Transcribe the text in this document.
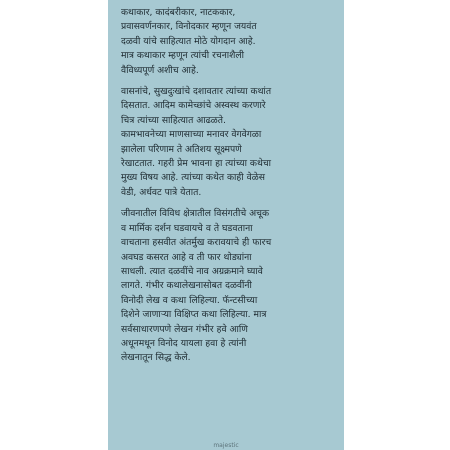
कथाकार, कादंबरीकार, नाटककार,
प्रवासवर्णनकार, विनोदकार म्हणून जयवंत
दळवी यांचे साहित्यात मोठे योगदान आहे.
मात्र कथाकार म्हणून त्यांची रचनाशैली
वैविध्यपूर्ण अशीच आहे.
वासनांचे, सुखदुःखांचे दशावतार त्यांच्या कथांत
दिसतात. आदिम कामेच्छांचे अस्वस्थ करणारे
चित्र त्यांच्या साहित्यात आढळते.
कामभावनेच्या माणसाच्या मनावर वेगवेगळा
झालेला परिणाम ते अतिशय सूक्ष्मपणे
रेखाटतात. गहरी प्रेम भावना हा त्यांच्या कथेचा
मुख्य विषय आहे. त्यांच्या कथेत काही वेळेस
वेडी, अर्धवट पात्रे येतात.
जीवनातील विविध क्षेत्रातील विसंगतीचे अचूक
व मार्मिक दर्शन घडवायचे व ते घडवताना
वाचताना हसवीत अंतर्मुख करावयाचे ही फारच
अवघड कसरत आहे व ती फार थोड्यांना
साधली. त्यात दळवींचे नाव अग्रक्रमाने घ्यावे
लागते. गंभीर कथालेखनासोबत दळवींनी
विनोदी लेख व कथा लिहिल्या. फॅन्टसीच्या
दिशेने जाणाऱ्या विक्षिप्त कथा लिहिल्या. मात्र
सर्वसाधारणपणे लेखन गंभीर हवे आणि
अधूनमधून विनोद यायला हवा हे त्यांनी
लेखनातून सिद्ध केले.
majestic
